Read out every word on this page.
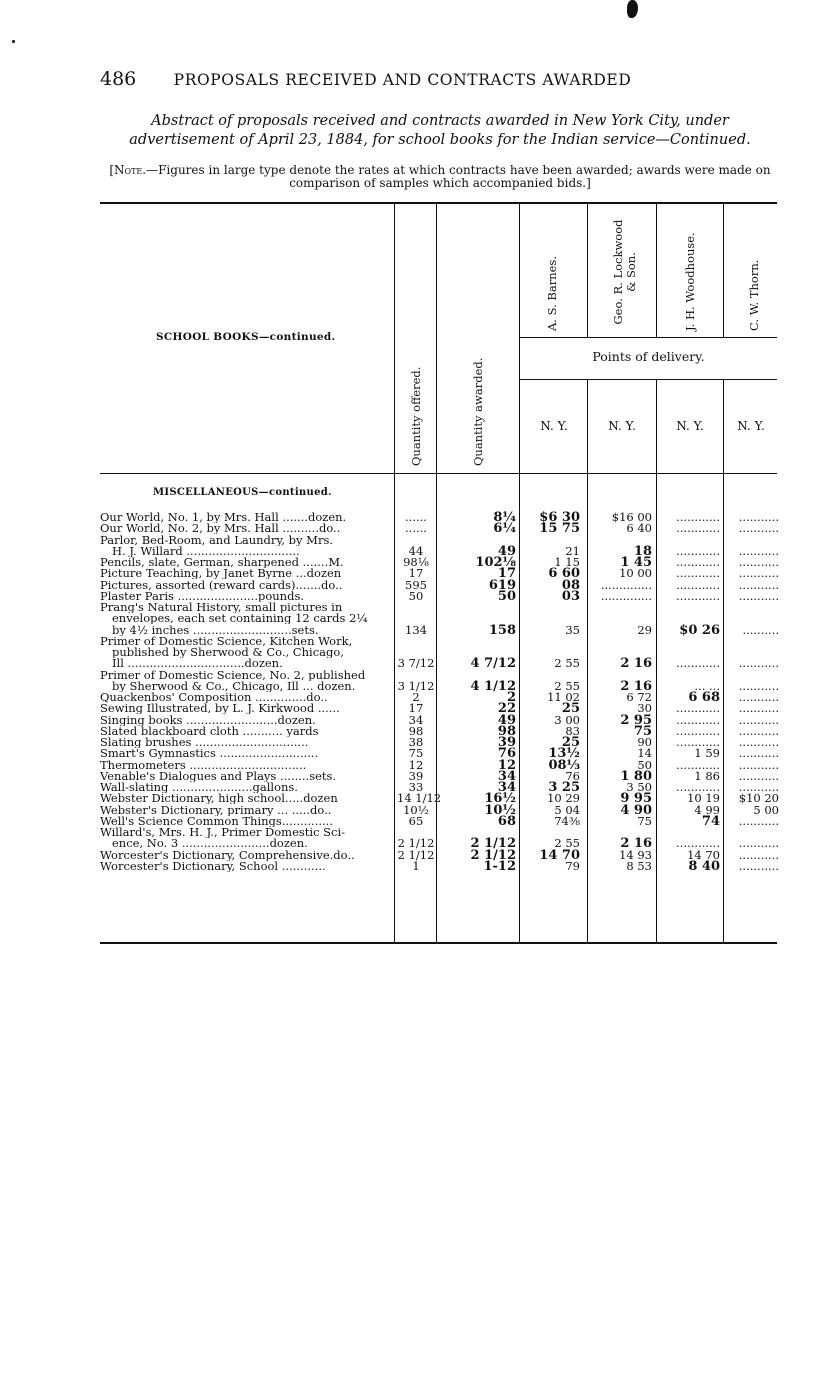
486 PROPOSALS RECEIVED AND CONTRACTS AWARDED
Abstract of proposals received and contracts awarded in New York City, under advertisement of April 23, 1884, for school books for the Indian service—Continued.
[Note.—Figures in large type denote the rates at which contracts have been awarded; awards were made on comparison of samples which accompanied bids.]
SCHOOL BOOKS—continued.
Quantity offered.	Quantity awarded.
A. S. Barnes.	Geo. R. Lockwood & Son.	J. H. Woodhouse.	C. W. Thorn.
Points of delivery.
N. Y.	N. Y.	N. Y.	N. Y.
MISCELLANEOUS—continued.
Our World, No. 1, by Mrs. Hall .......dozen.	......	8¼	$6 30	$16 00	............	...........
Our World, No. 2, by Mrs. Hall ..........do..	......	6¼	15 75	6 40	............	...........
Parlor, Bed-Room, and Laundry, by Mrs.
H. J. Willard ...............................	44	49	21	18	............	...........
Pencils, slate, German, sharpened .......M.	98⅛	102⅛	1 15	1 45	............	...........
Picture Teaching, by Janet Byrne ...dozen	17	17	6 60	10 00	............	...........
Pictures, assorted (reward cards).......do..	595	619	08	..............	............	...........
Plaster Paris ......................pounds.	50	50	03	..............	............	...........
Prang's Natural History, small pictures in
envelopes, each set containing 12 cards 2¼
by 4½ inches ...........................sets.	134	158	35	29	$0 26	..........
Primer of Domestic Science, Kitchen Work,
published by Sherwood & Co., Chicago,
Ill ................................dozen.	3 7/12	4 7/12	2 55	2 16	............	...........
Primer of Domestic Science, No. 2, published
by Sherwood & Co., Chicago, Ill ... dozen.	3 1/12	4 1/12	2 55	2 16	... ...	...........
Quackenbos' Composition ..............do..	2	2	11 02	6 72	6 68	...........
Sewing Illustrated, by L. J. Kirkwood ......	17	22	25	30	............	...........
Singing books .........................dozen.	34	49	3 00	2 95	............	...........
Slated blackboard cloth ........... yards	98	98	83	75	............	...........
Slating brushes ...............................	38	39	25	90	............	...........
Smart's Gymnastics ...........................	75	76	13½	14	1 59	...........
Thermometers ................................	12	12	08⅓	50	............	...........
Venable's Dialogues and Plays ........sets.	39	34	76	1 80	1 86	...........
Wall-slating ......................gallons.	33	34	3 25	3 50	............	...........
Webster Dictionary, high school.....dozen	14 1/12	16½	10 29	9 95	10 19	$10 20
Webster's Dictionary, primary ... .....do..	10½	10½	5 04	4 90	4 99	5 00
Well's Science Common Things..............	65	68	74⅜	75	74	...........
Willard's, Mrs. H. J., Primer Domestic Sci-
ence, No. 3 ........................dozen.	2 1/12	2 1/12	2 55	2 16	............	...........
Worcester's Dictionary, Comprehensive.do..	2 1/12	2 1/12	14 70	14 93	14 70	...........
Worcester's Dictionary, School ............	1	1-12	79	8 53	8 40	...........
